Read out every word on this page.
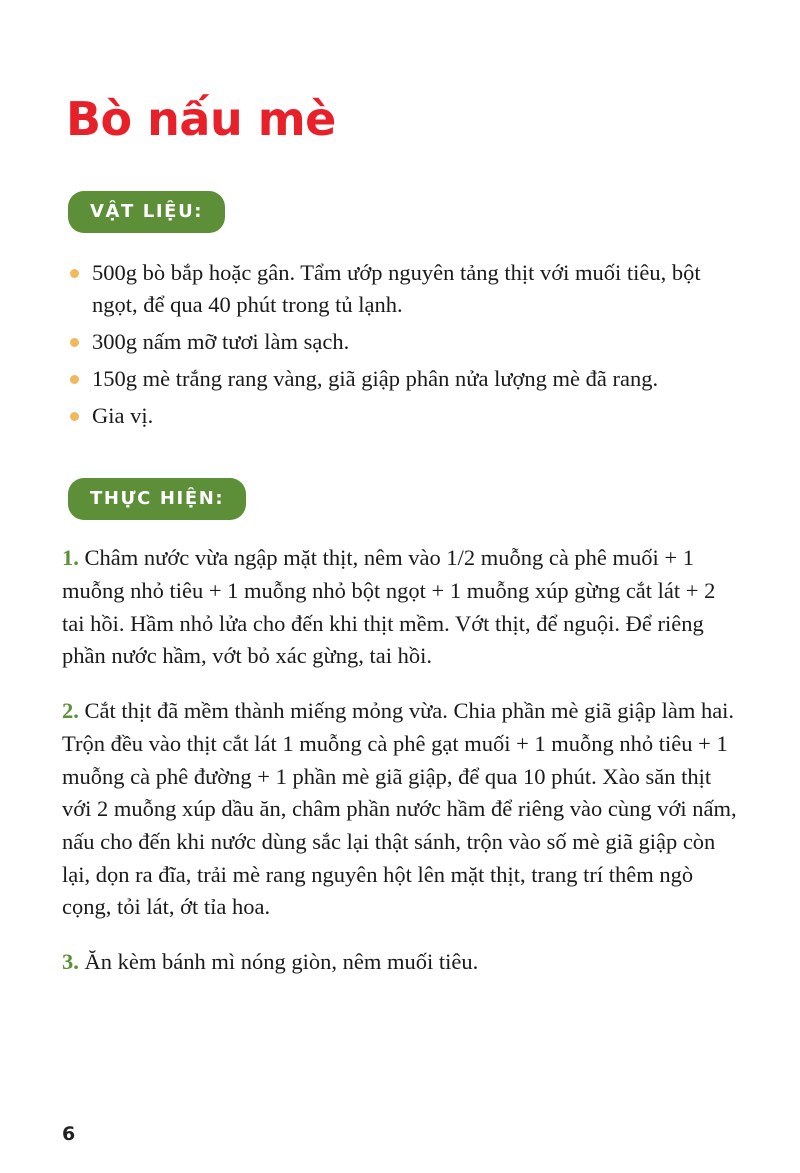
Bò nấu mè
VẬT LIỆU:
500g bò bắp hoặc gân. Tẩm ướp nguyên tảng thịt với muối tiêu, bột ngọt, để qua 40 phút trong tủ lạnh.
300g nấm mỡ tươi làm sạch.
150g mè trắng rang vàng, giã giập phân nửa lượng mè đã rang.
Gia vị.
THỰC HIỆN:

1. Châm nước vừa ngập mặt thịt, nêm vào 1/2 muỗng cà phê muối + 1 muỗng nhỏ tiêu + 1 muỗng nhỏ bột ngọt + 1 muỗng xúp gừng cắt lát + 2 tai hồi. Hầm nhỏ lửa cho đến khi thịt mềm. Vớt thịt, để nguội. Để riêng phần nước hầm, vớt bỏ xác gừng, tai hồi.

2. Cắt thịt đã mềm thành miếng mỏng vừa. Chia phần mè giã giập làm hai. Trộn đều vào thịt cắt lát 1 muỗng cà phê gạt muối + 1 muỗng nhỏ tiêu + 1 muỗng cà phê đường + 1 phần mè giã giập, để qua 10 phút. Xào săn thịt với 2 muỗng xúp dầu ăn, châm phần nước hầm để riêng vào cùng với nấm, nấu cho đến khi nước dùng sắc lại thật sánh, trộn vào số mè giã giập còn lại, dọn ra đĩa, trải mè rang nguyên hột lên mặt thịt, trang trí thêm ngò cọng, tỏi lát, ớt tỉa hoa.

3. Ăn kèm bánh mì nóng giòn, nêm muối tiêu.

6
